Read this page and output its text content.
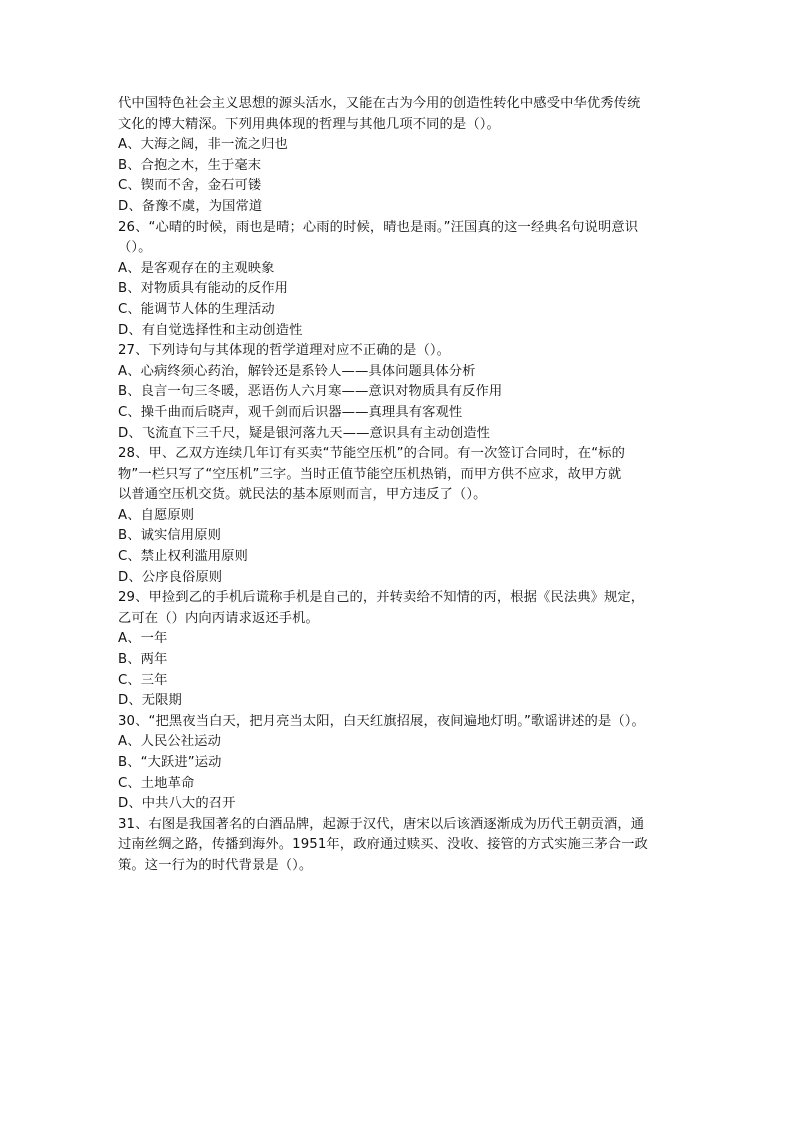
代中国特色社会主义思想的源头活水，又能在古为今用的创造性转化中感受中华优秀传统
文化的博大精深。下列用典体现的哲理与其他几项不同的是（）。
A、大海之阔，非一流之归也
B、合抱之木，生于毫末
C、锲而不舍，金石可镂
D、备豫不虞，为国常道
26、“心晴的时候，雨也是晴；心雨的时候，晴也是雨。”汪国真的这一经典名句说明意识
（）。
A、是客观存在的主观映象
B、对物质具有能动的反作用
C、能调节人体的生理活动
D、有自觉选择性和主动创造性
27、下列诗句与其体现的哲学道理对应不正确的是（）。
A、心病终须心药治，解铃还是系铃人——具体问题具体分析
B、良言一句三冬暖，恶语伤人六月寒——意识对物质具有反作用
C、操千曲而后晓声，观千剑而后识器——真理具有客观性
D、飞流直下三千尺，疑是银河落九天——意识具有主动创造性
28、甲、乙双方连续几年订有买卖“节能空压机”的合同。有一次签订合同时，在“标的
物”一栏只写了“空压机”三字。当时正值节能空压机热销，而甲方供不应求，故甲方就
以普通空压机交货。就民法的基本原则而言，甲方违反了（）。
A、自愿原则
B、诚实信用原则
C、禁止权利滥用原则
D、公序良俗原则
29、甲捡到乙的手机后谎称手机是自己的，并转卖给不知情的丙，根据《民法典》规定，
乙可在（）内向丙请求返还手机。
A、一年
B、两年
C、三年
D、无限期
30、“把黑夜当白天，把月亮当太阳，白天红旗招展，夜间遍地灯明。”歌谣讲述的是（）。
A、人民公社运动
B、“大跃进”运动
C、土地革命
D、中共八大的召开
31、右图是我国著名的白酒品牌，起源于汉代，唐宋以后该酒逐渐成为历代王朝贡酒，通
过南丝绸之路，传播到海外。1951年，政府通过赎买、没收、接管的方式实施三茅合一政
策。这一行为的时代背景是（）。
